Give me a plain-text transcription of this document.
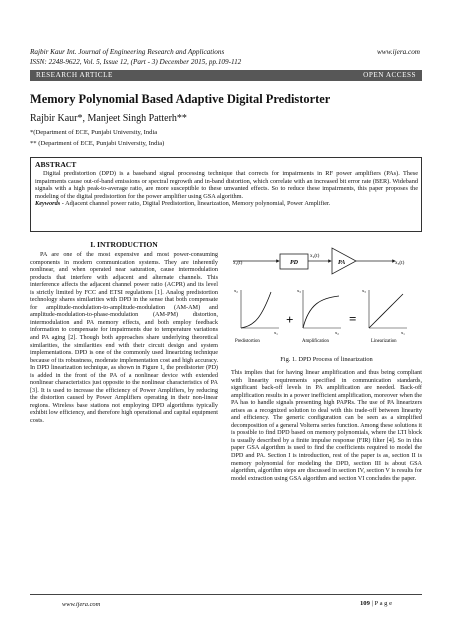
Rajbir Kaur Int. Journal of Engineering Research and Applications
ISSN: 2248-9622, Vol. 5, Issue 12, (Part - 3) December 2015, pp.109-112
www.ijera.com
RESEARCH ARTICLE	OPEN ACCESS
Memory Polynomial Based Adaptive Digital Predistorter
Rajbir Kaur*, Manjeet Singh Patterh**
*(Department of ECE, Punjabi University, India
** (Department of ECE, Punjabi University, India)
ABSTRACT
Digital predistortion (DPD) is a baseband signal processing technique that corrects for impairments in RF power amplifiers (PAs). These impairments cause out-of-band emissions or spectral regrowth and in-band distortion, which correlate with an increased bit error rate (BER). Wideband signals with a high peak-to-average ratio, are more susceptible to these unwanted effects. So to reduce these impairments, this paper proposes the modeling of the digital predistortion for the power amplifier using GSA algorithm.
Keywords - Adjacent channel power ratio, Digital Predistortion, linearization, Memory polynomial, Power Amplifier.
I. INTRODUCTION
PA are one of the most expensive and most power-consuming components in modern communication systems. They are inherently nonlinear, and when operated near saturation, cause intermodulation products that interfere with adjacent and alternate channels. This interference affects the adjacent channel power ratio (ACPR) and its level is strictly limited by FCC and ETSI regulations [1]. Analog predistortion technology shares similarities with DPD in the sense that both compensate for amplitude-modulation-to-amplitude-modulation (AM-AM) and amplitude-modulation-to-phase-modulation (AM-PM) distortion, intermodulation and PA memory effects, and both employ feedback information to compensate for impairments due to temperature variations and PA aging [2]. Though both approaches share underlying theoretical similarities, the similarities end with their circuit design and system implementations. DPD is one of the commonly used linearizing technique because of its robustness, moderate implementation cost and high accuracy. In DPD linearization technique, as shown in Figure 1, the predistorter (PD) is added in the front of the PA of a nonlinear device with extended nonlinear characteristics just opposite to the nonlinear characteristics of PA [3]. It is used to increase the efficiency of Power Amplifiers, by reducing the distortion caused by Power Amplifiers operating in their non-linear regions. Wireless base stations not employing DPD algorithms typically exhibit low efficiency, and therefore high operational and capital equipment costs.
x₁(t)	PD
x₂(t)
PA	x₃(t)
x₂
x₁
Predistortion
+
x₃
x₂
Amplification
=
x₃
x₁
Linearization
Fig. 1. DPD Process of linearization
This implies that for having linear amplification and thus being compliant with linearity requirements specified in communication standards, significant back-off levels in PA amplification are needed. Back-off amplification results in a power inefficient amplification, moreover when the PA has to handle signals presenting high PAPRs. The use of PA linearizers arises as a recognized solution to deal with this trade-off between linearity and efficiency. The generic configuration can be seen as a simplified decomposition of a general Volterra series function. Among these solutions it is possible to find DPD based on memory polynomials, where the LTI block is usually described by a finite impulse response (FIR) filter [4]. So in this paper GSA algorithm is used to find the coefficients required to model the DPD and PA. Section I is introduction, rest of the paper is as, section II is memory polynomial for modeling the DPD, section III is about GSA algorithm, algorithm steps are discussed in section IV, section V is results for model extraction using GSA algorithm and section VI concludes the paper.
www.ijera.com	109 | P a g e
